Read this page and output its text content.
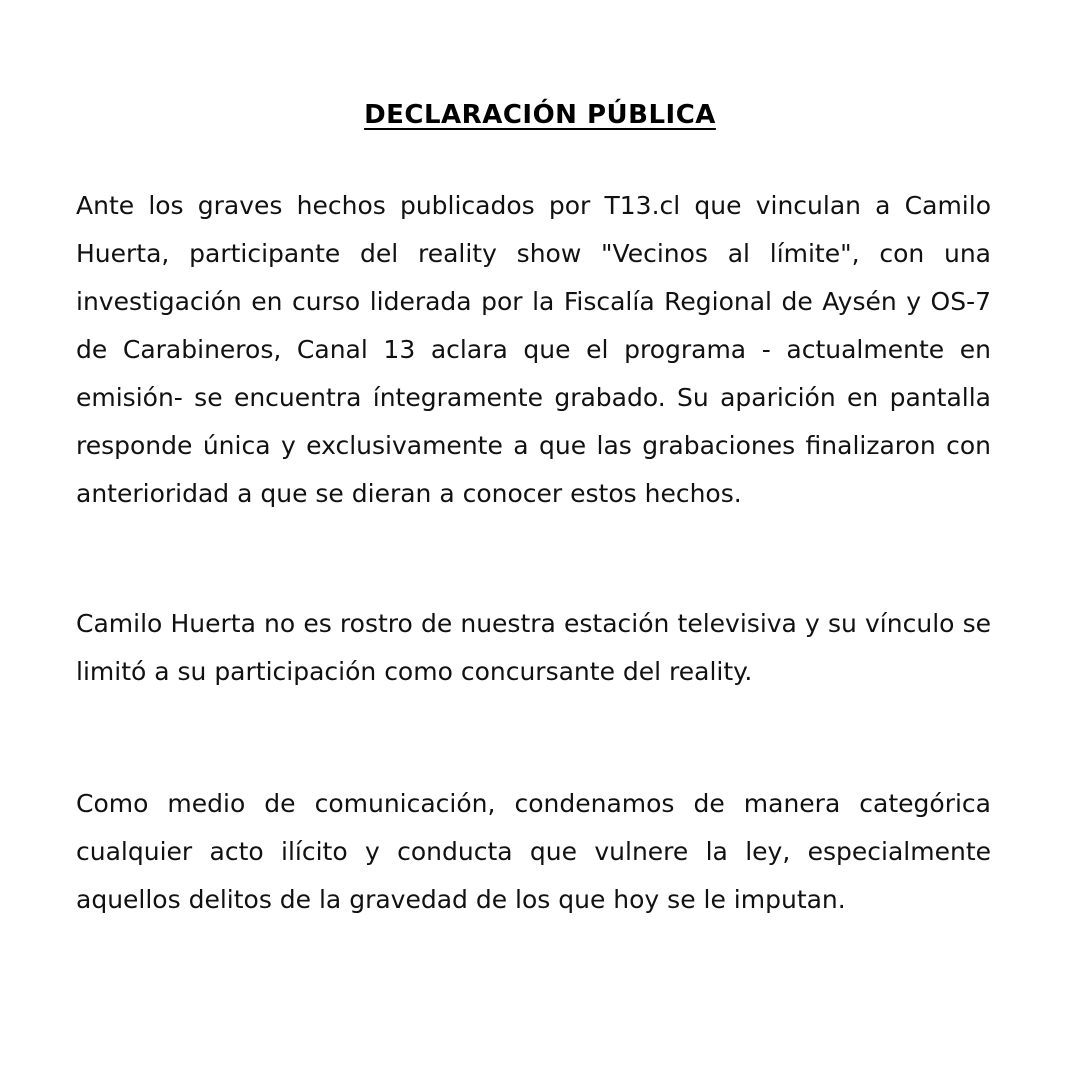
DECLARACIÓN PÚBLICA

Ante los graves hechos publicados por T13.cl que vinculan a Camilo Huerta, participante del reality show "Vecinos al límite", con una investigación en curso liderada por la Fiscalía Regional de Aysén y OS-7 de Carabineros, Canal 13 aclara que el programa - actualmente en emisión- se encuentra íntegramente grabado. Su aparición en pantalla responde única y exclusivamente a que las grabaciones finalizaron con anterioridad a que se dieran a conocer estos hechos.

Camilo Huerta no es rostro de nuestra estación televisiva y su vínculo se limitó a su participación como concursante del reality.

Como medio de comunicación, condenamos de manera categórica cualquier acto ilícito y conducta que vulnere la ley, especialmente aquellos delitos de la gravedad de los que hoy se le imputan.
